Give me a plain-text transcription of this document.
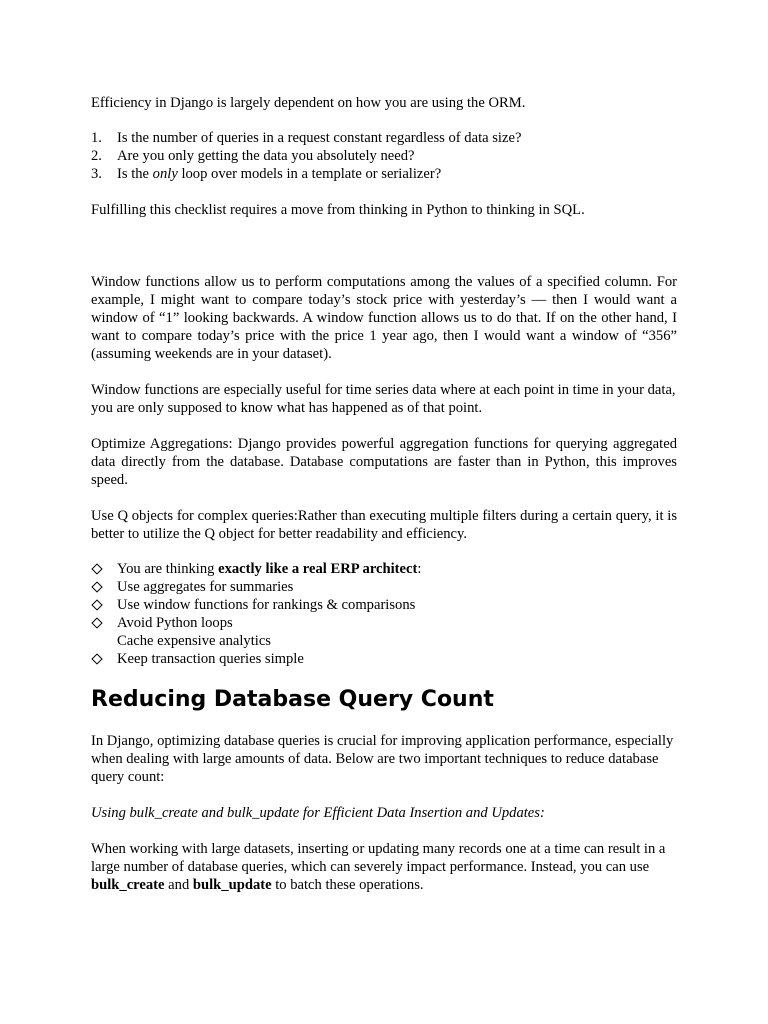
Efficiency in Django is largely dependent on how you are using the ORM.

1. Is the number of queries in a request constant regardless of data size?
2. Are you only getting the data you absolutely need?
3. Is the only loop over models in a template or serializer?

Fulfilling this checklist requires a move from thinking in Python to thinking in SQL.

Window functions allow us to perform computations among the values of a specified column. For example, I might want to compare today’s stock price with yesterday’s — then I would want a window of “1” looking backwards. A window function allows us to do that. If on the other hand, I want to compare today’s price with the price 1 year ago, then I would want a window of “356” (assuming weekends are in your dataset).

Window functions are especially useful for time series data where at each point in time in your data, you are only supposed to know what has happened as of that point.

Optimize Aggregations: Django provides powerful aggregation functions for querying aggregated data directly from the database. Database computations are faster than in Python, this improves speed.

Use Q objects for complex queries:Rather than executing multiple filters during a certain query, it is better to utilize the Q object for better readability and efficiency.

You are thinking exactly like a real ERP architect:
Use aggregates for summaries
Use window functions for rankings & comparisons
Avoid Python loops
Cache expensive analytics
Keep transaction queries simple
Reducing Database Query Count

In Django, optimizing database queries is crucial for improving application performance, especially when dealing with large amounts of data. Below are two important techniques to reduce database query count:

Using bulk_create and bulk_update for Efficient Data Insertion and Updates:

When working with large datasets, inserting or updating many records one at a time can result in a large number of database queries, which can severely impact performance. Instead, you can use bulk_create and bulk_update to batch these operations.
